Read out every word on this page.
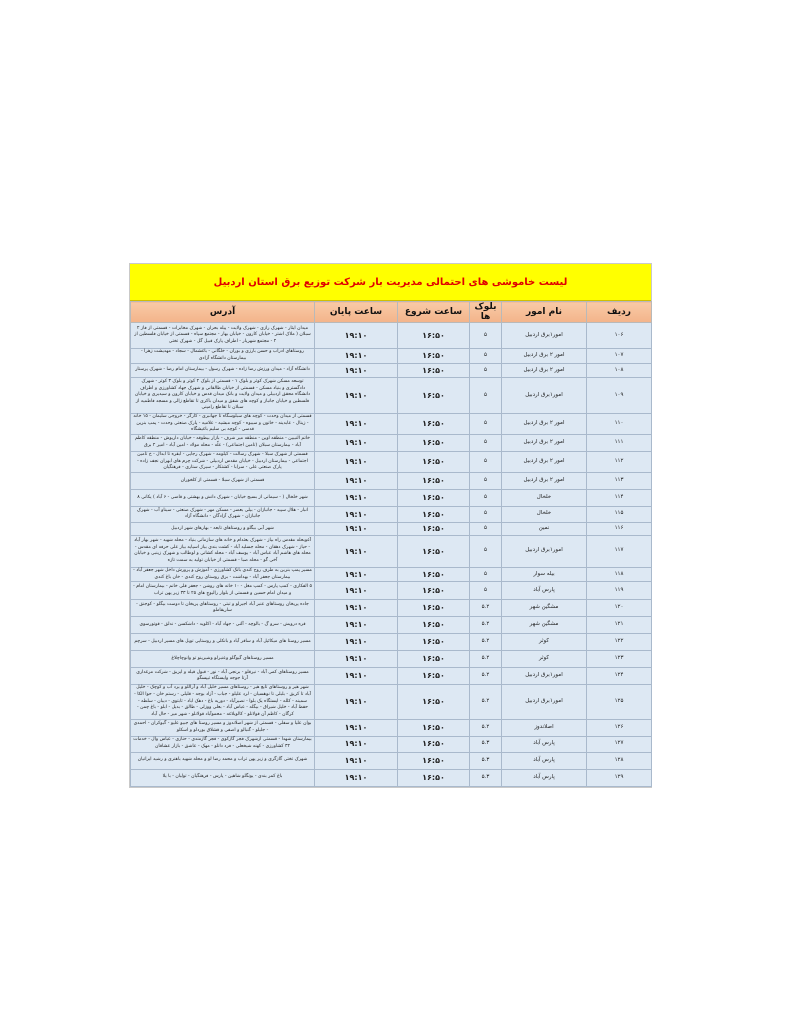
لیست خاموشی های احتمالی مدیریت بار شرکت توزیع برق استان اردبیل
ردیف	نام امور	بلوک ها	ساعت شروع	ساعت پایان	آدرس
۱۰۶	امور۱برق اردبیل	۵	۱۶:۵۰	۱۹:۱۰	میدان ایثار - شهرک رازی - شهرک ولایت - پیله بحران - شهرک مخابرات - قسمتی از فاز ۲ سبلان ( ملاک اشتر - خیابان کارون - خیابان بهار - مجتمع سپاه - قسمتی از خیابان فلسطین از ۲ - مجتمع شهریار - اطراف پارک قبیل گل - شهرک تختی
۱۰۷	امور ۲ برق اردبیل	۵	۱۶:۵۰	۱۹:۱۰	روستاهای ادراب و حسن بارزی و بوران - خلگانی - باغشمال - سجاد - مهدیشت زهرا - بیمارستان دانشگاه آزادی
۱۰۸	امور ۲ برق اردبیل	۵	۱۶:۵۰	۱۹:۱۰	دانشگاه آزاد - میدان ورزش رضا زاده - شهرک رسول - بیمارستان امام رضا - شهرک پرستار
۱۰۹	امور۱برق اردبیل	۵	۱۶:۵۰	۱۹:۱۰	توسعه مسکن شهرک کوثر و بلوک ۱ - قسمتی از بلوک ۲ کوثر و بلوک ۳ کوثر - شهرک دادگستری و بنیاد مسکن - قسمتی از خیابان طالقانی و شهرک جهاد کشاورزی و اطراف دانشگاه محقق اردبیلی و میدان ولایت و بانک میدان قدس و خیابان کارون و سیدیری و خیابان فلسطین و خیابان جانباز و کوچه های شفق و میدان باکری تا تقاطع زالی و مسجد فاطمیه از سبلان تا تقاطع رامپنی
۱۱۰	امور ۲ برق اردبیل	۵	۱۶:۵۰	۱۹:۱۰	قسمتی از میدان وحدت - کوچه های سبلوسگاه تا جهانبری - کارگر - خروجی سلیمان - ۱۵ خانه - زینال - عابدینه - خاتون و سیبوه - کوچه مبشیه - علامیه - پارک صنعتی وحدت - پمپ بنزین قدسی - کوچه بی سلیم باغیشگاه
۱۱۱	امور ۲ برق اردبیل	۵	۱۶:۵۰	۱۹:۱۰	خاتم النبیین - منطقه اوین - منطقه میر شرف - بازار بیطوقه - خیابان داریوش - منطقه کاظم آباد - بیمارستان سبلان (تامین اجتماعی) - علّه - محله مولاد - امین آباد - امیر ۲ برق
۱۱۲	امور ۲ برق اردبیل	۵	۱۶:۵۰	۱۹:۱۰	قسمتی از شهرک سبلا - شهرک رسالت - کیلومه - شهرک رجایی - ابقره تا ابدال - خ تامین اجتماعی - بیمارستان اردبیل - خیابان مقدس اردبیلی - شرکت چرم های ابهران نجف زاده - پارک صنعتی علی - سرابا - کشتکار - سیرک ستاری - فرهنگیان
۱۱۳	امور ۲ برق اردبیل	۵	۱۶:۵۰	۱۹:۱۰	قسمتی از شهرک سبلا - قسمتی از کلخوران
۱۱۴	خلخال	۵	۱۶:۵۰	۱۹:۱۰	شهر خلخال ( - سیمانی از بسیج خیابان - شهرک دانش و بهشتی و قاضی - ۶ آباد ) یکانی ۸
۱۱۵	خلخال	۵	۱۶:۵۰	۱۹:۱۰	انبار - هلال سپید - جانبازان - بیلی بعضر - مسکن مهر - شهرک صنعتی - سیناو آب - شهرک جانبازان - شهرک آزادگان - دانشگاه آزاد
۱۱۶	نمین	۵	۱۶:۵۰	۱۹:۱۰	شهر آبی بیگلو و روستاهای تابعه - بهارهای شهر اردبیل
۱۱۷	امور۱برق اردبیل	۵	۱۶:۵۰	۱۹:۱۰	آغوبحله مقدس راه بیاز - شهرک بعثدام و خانه های سازمانی بنیاد - محله شهید - شهر بهار آباد - حیاز - شهرک دهقان - محله جسلید آباد - کشت بندی بیاز اسپایه بیاز علی حرفه ای مقدس - محله های هاشم آباد عباس آباد - یوسف آباد - محله کشانی و لوطالب و شهرک زینبی و خیابان آخی گو - محله صبا - قسمتی از خیابان تولید به سمت تازه
۱۱۸	بیله سوار	۵	۱۶:۵۰	۱۹:۱۰	مسیر پمپ بنزین به طرف روح کندی بانک کشاورزی - آموزش و پرورش داخل شهر جعفر آباد - بیمارستان جعفر آباد - بهداشت - برق روستای روح کندی - خان باغ کندی
۱۱۹	پارس آباد	۵	۱۶:۵۰	۱۹:۱۰	۵ الفکاری - کمپ پارس - کمپ مغل - ۱۰ خانه های روشن - جعفر قلی خانم - بیمارستان امام - و میدان امام حسین و قسمتی از بلوار رالیوچ های ۲۵ تا ۳۳ زیر پهن تراب
۱۲۰	مشگین شهر	۵.۲	۱۶:۵۰	۱۹:۱۰	جاده پریخان روستاهای عنبر آباد اجیرلو و تبتی - روستاهای پریخان تا دوست بیگلو - کوجنق - ساریقاملو
۱۲۱	مشگین شهر	۵.۲	۱۶:۵۰	۱۹:۱۰	قره درویش - سرو گ - بالوچه - آلنی - جهاد آباد - اکلوید - داشکسن - ندلق - قوتورسوی
۱۲۲	کوثر	۵.۲	۱۶:۵۰	۱۹:۱۰	مسیر روستا های میکائیل آباد و ساقر آباد و بانکلی و روستایی توپل های مسیر اردبیل - سرچم
۱۲۳	کوثر	۵.۲	۱۶:۵۰	۱۹:۱۰	مسیر روستاهای گیوگلو وعنبرلو وشیرینو تو وانوچاچلاغ
۱۲۴	امور۱برق اردبیل	۵.۲	۱۶:۵۰	۱۹:۱۰	مسیر روستاهای کمی آباد - نیرقلو - برنجی آباد - نور - قبول قیله و ایزیق - شرکت مرغداری آرتا جوجه وایستگاه تیپسگو
۱۲۵	امور۱برق اردبیل	۵.۲	۱۶:۵۰	۱۹:۱۰	شهر هیر و روستاهای تابع هیر - روستاهای مسیر خلیل آباد و آراللو و یزد آب و کوچک - خلیل آباد تا کریق - بلبلی تا نوهسیان - لرد عليلو - جباب - آزاد بوجه - قلیلی - رستم خان - حوا الکا - سمینه - کلله - ایستگاه یک بلوا - نصیرآباد - دوریه باغ - دهک اباد - ثابتوی - دیبان - سلطه - حفظ آباد - خلیل شیراق - بیگله - عباس آباد - بعلی ووزلی - طالق - بدیل - ابلو - باغ چمن - کرگان - کاظم آن قولانلو - کالوبلاغه - محموآباد قولانلو - شهر میر - حال آباد
۱۲۶	اصلاندوز	۵.۲	۱۶:۵۰	۱۹:۱۰	بوان علیا و سفلی - قسمتی از شهر اصلاندوز و مسیر روستا های جبیو علیو - گیوکران - احمدی - جلیلو - گنبالو و اصفی و قشلاق بوردلو و اسکلو
۱۲۷	پارس آباد	۵.۳	۱۶:۵۰	۱۹:۱۰	بیمارستان شهدا - قسمتی ازشهرک فجر گازکوی - فجر گازمندی - حنازی - عباس وال - خدمات ۳۲ کشاورزی - کهنه شیخعلی - فرد دانلو - مهک - عاشق - بازار عشاقان
۱۲۸	پارس آباد	۵.۳	۱۶:۵۰	۱۹:۱۰	شهرک تختی گازگری و زیر پهن تراب و محمد رضا لو و محله شهید باهنری و رشید ایرانیان
۱۲۹	پارس آباد	۵.۳	۱۶:۵۰	۱۹:۱۰	باغ کمر بندی - یونگلو شاهین - پارس - فرهنگیان - تولیان - با یلا
